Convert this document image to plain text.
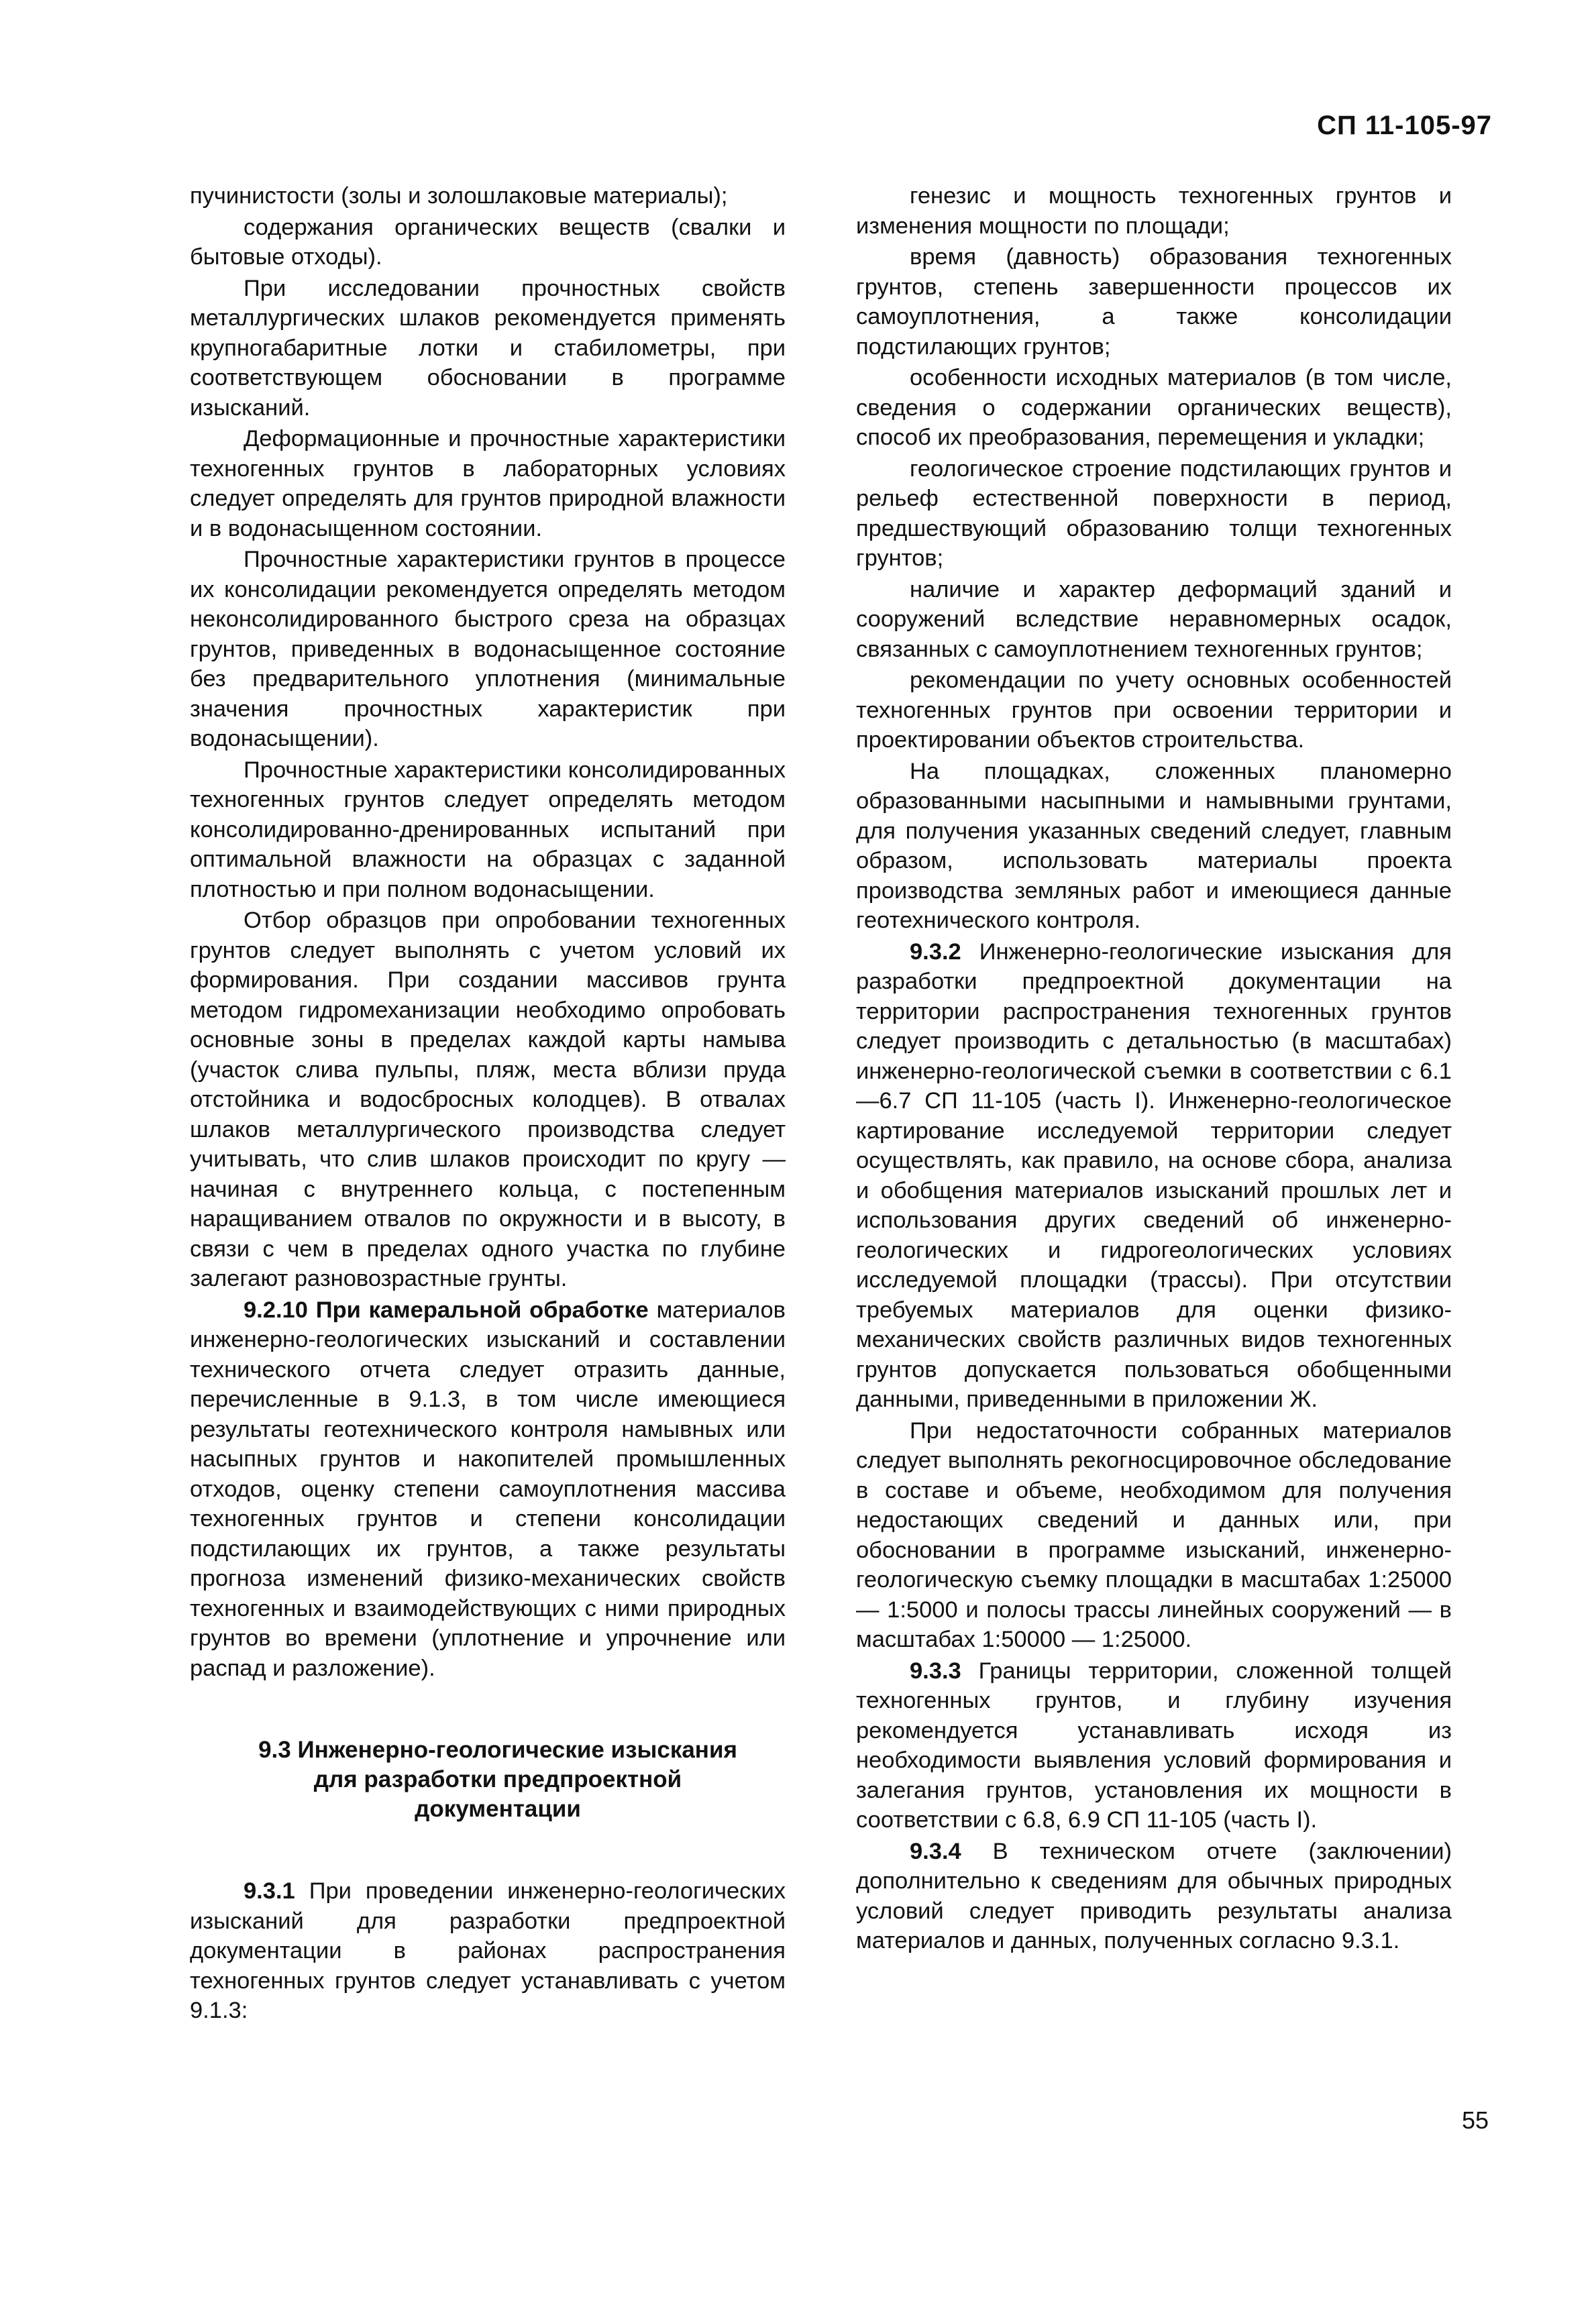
СП 11-105-97

пучинистости (золы и золошлаковые материалы);

содержания органических веществ (свалки и бытовые отходы).

При исследовании прочностных свойств металлургических шлаков рекомендуется применять крупногабаритные лотки и стабилометры, при соответствующем обосновании в программе изысканий.

Деформационные и прочностные характеристики техногенных грунтов в лабораторных условиях следует определять для грунтов природной влажности и в водонасыщенном состоянии.

Прочностные характеристики грунтов в процессе их консолидации рекомендуется определять методом неконсолидированного быстрого среза на образцах грунтов, приведенных в водонасыщенное состояние без предварительного уплотнения (минимальные значения прочностных характеристик при водонасыщении).

Прочностные характеристики консолидированных техногенных грунтов следует определять методом консолидированно-дренированных испытаний при оптимальной влажности на образцах с заданной плотностью и при полном водонасыщении.

Отбор образцов при опробовании техногенных грунтов следует выполнять с учетом условий их формирования. При создании массивов грунта методом гидромеханизации необходимо опробовать основные зоны в пределах каждой карты намыва (участок слива пульпы, пляж, места вблизи пруда отстойника и водосбросных колодцев). В отвалах шлаков металлургического производства следует учитывать, что слив шлаков происходит по кругу — начиная с внутреннего кольца, с постепенным наращиванием отвалов по окружности и в высоту, в связи с чем в пределах одного участка по глубине залегают разновозрастные грунты.

9.2.10 При камеральной обработке материалов инженерно-геологических изысканий и составлении технического отчета следует отразить данные, перечисленные в 9.1.3, в том числе имеющиеся результаты геотехнического контроля намывных или насыпных грунтов и накопителей промышленных отходов, оценку степени самоуплотнения массива техногенных грунтов и степени консолидации подстилающих их грунтов, а также результаты прогноза изменений физико-механических свойств техногенных и взаимодействующих с ними природных грунтов во времени (уплотнение и упрочнение или распад и разложение).

9.3 Инженерно-геологические изыскания
для разработки предпроектной
документации

9.3.1 При проведении инженерно-геологических изысканий для разработки предпроектной документации в районах распространения техногенных грунтов следует устанавливать с учетом 9.1.3:

генезис и мощность техногенных грунтов и изменения мощности по площади;

время (давность) образования техногенных грунтов, степень завершенности процессов их самоуплотнения, а также консолидации подстилающих грунтов;

особенности исходных материалов (в том числе, сведения о содержании органических веществ), способ их преобразования, перемещения и укладки;

геологическое строение подстилающих грунтов и рельеф естественной поверхности в период, предшествующий образованию толщи техногенных грунтов;

наличие и характер деформаций зданий и сооружений вследствие неравномерных осадок, связанных с самоуплотнением техногенных грунтов;

рекомендации по учету основных особенностей техногенных грунтов при освоении территории и проектировании объектов строительства.

На площадках, сложенных планомерно образованными насыпными и намывными грунтами, для получения указанных сведений следует, главным образом, использовать материалы проекта производства земляных работ и имеющиеся данные геотехнического контроля.

9.3.2 Инженерно-геологические изыскания для разработки предпроектной документации на территории распространения техногенных грунтов следует производить с детальностью (в масштабах) инженерно-геологической съемки в соответствии с 6.1—6.7 СП 11-105 (часть I). Инженерно-геологическое картирование исследуемой территории следует осуществлять, как правило, на основе сбора, анализа и обобщения материалов изысканий прошлых лет и использования других сведений об инженерно-геологических и гидрогеологических условиях исследуемой площадки (трассы). При отсутствии требуемых материалов для оценки физико-механических свойств различных видов техногенных грунтов допускается пользоваться обобщенными данными, приведенными в приложении Ж.

При недостаточности собранных материалов следует выполнять рекогносцировочное обследование в составе и объеме, необходимом для получения недостающих сведений и данных или, при обосновании в программе изысканий, инженерно-геологическую съемку площадки в масштабах 1:25000 — 1:5000 и полосы трассы линейных сооружений — в масштабах 1:50000 — 1:25000.

9.3.3 Границы территории, сложенной толщей техногенных грунтов, и глубину изучения рекомендуется устанавливать исходя из необходимости выявления условий формирования и залегания грунтов, установления их мощности в соответствии с 6.8, 6.9 СП 11-105 (часть I).

9.3.4 В техническом отчете (заключении) дополнительно к сведениям для обычных природных условий следует приводить результаты анализа материалов и данных, полученных согласно 9.3.1.

55
